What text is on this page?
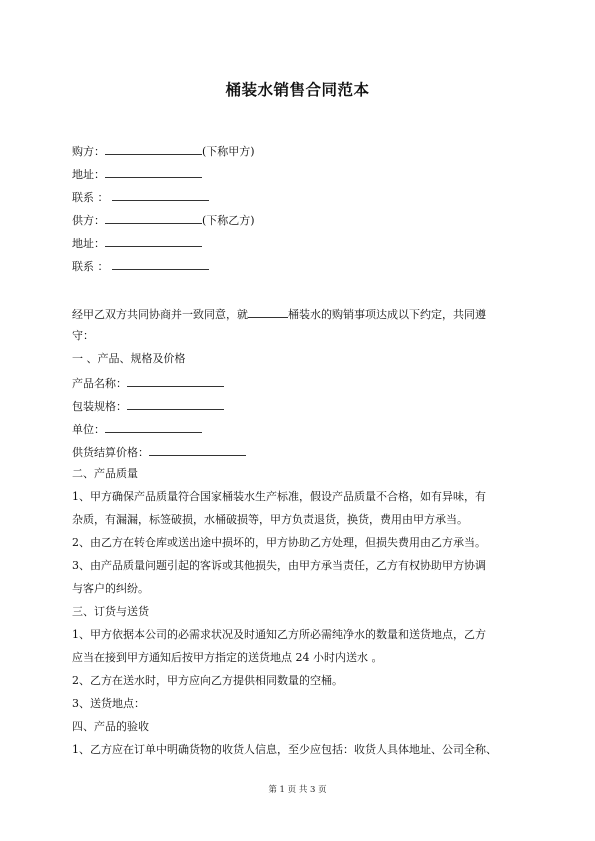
桶装水销售合同范本
购方：	(下称甲方)
地址：
联系 ：
供方：	(下称乙方)
地址：
联系 ：
经甲乙双方共同协商并一致同意，就	桶装水的购销事项达成以下约定，共同遵
守：
一 、产品、规格及价格
产品名称：
包装规格：
单位：
供货结算价格：
二、产品质量
1、甲方确保产品质量符合国家桶装水生产标准，假设产品质量不合格，如有异味，有
杂质，有漏漏，标签破损，水桶破损等，甲方负责退货，换货，费用由甲方承当。
2、由乙方在转仓库或送出途中损坏的，甲方协助乙方处理，但损失费用由乙方承当。
3、由产品质量问题引起的客诉或其他损失，由甲方承当责任，乙方有权协助甲方协调
与客户的纠纷。
三、订货与送货
1、甲方依据本公司的必需求状况及时通知乙方所必需纯净水的数量和送货地点，乙方
应当在接到甲方通知后按甲方指定的送货地点 24 小时内送水 。
2、乙方在送水时，甲方应向乙方提供相同数量的空桶。
3、送货地点：
四、产品的验收
1、乙方应在订单中明确货物的收货人信息，至少应包括：收货人具体地址、公司全称、
第 1 页 共 3 页
